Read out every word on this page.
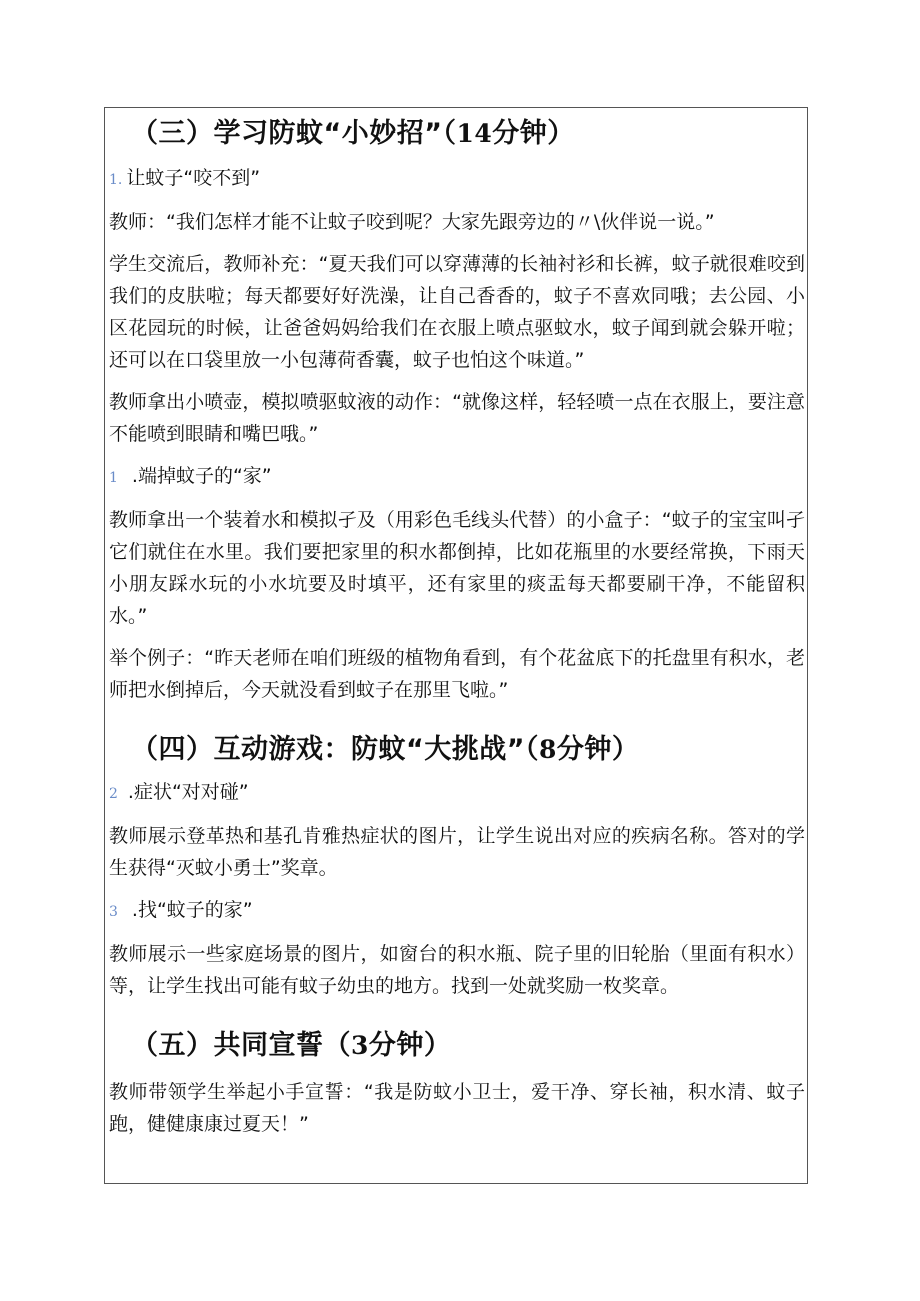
（三）学习防蚊“小妙招”（14分钟）

1. 让蚊子“咬不到”

教师：“我们怎样才能不让蚊子咬到呢？大家先跟旁边的〃\伙伴说一说。”

学生交流后，教师补充：“夏天我们可以穿薄薄的长袖衬衫和长裤，蚊子就很难咬到我们的皮肤啦；每天都要好好洗澡，让自己香香的，蚊子不喜欢同哦；去公园、小区花园玩的时候，让爸爸妈妈给我们在衣服上喷点驱蚊水，蚊子闻到就会躲开啦；还可以在口袋里放一小包薄荷香囊，蚊子也怕这个味道。”

教师拿出小喷壶，模拟喷驱蚊液的动作：“就像这样，轻轻喷一点在衣服上，要注意不能喷到眼睛和嘴巴哦。”

1 .端掉蚊子的“家”

教师拿出一个装着水和模拟孑及（用彩色毛线头代替）的小盒子：“蚊子的宝宝叫孑它们就住在水里。我们要把家里的积水都倒掉，比如花瓶里的水要经常换，下雨天小朋友踩水玩的小水坑要及时填平，还有家里的痰盂每天都要刷干净，不能留积水。”

举个例子：“昨天老师在咱们班级的植物角看到，有个花盆底下的托盘里有积水，老师把水倒掉后，今天就没看到蚊子在那里飞啦。”

（四）互动游戏：防蚊“大挑战”（8分钟）

2 .症状“对对碰”

教师展示登革热和基孔肯雅热症状的图片，让学生说出对应的疾病名称。答对的学生获得“灭蚊小勇士”奖章。

3 .找“蚊子的家”

教师展示一些家庭场景的图片，如窗台的积水瓶、院子里的旧轮胎（里面有积水）等，让学生找出可能有蚊子幼虫的地方。找到一处就奖励一枚奖章。

（五）共同宣誓（3分钟）

教师带领学生举起小手宣誓：“我是防蚊小卫士，爱干净、穿长袖，积水清、蚊子跑，健健康康过夏天！”
